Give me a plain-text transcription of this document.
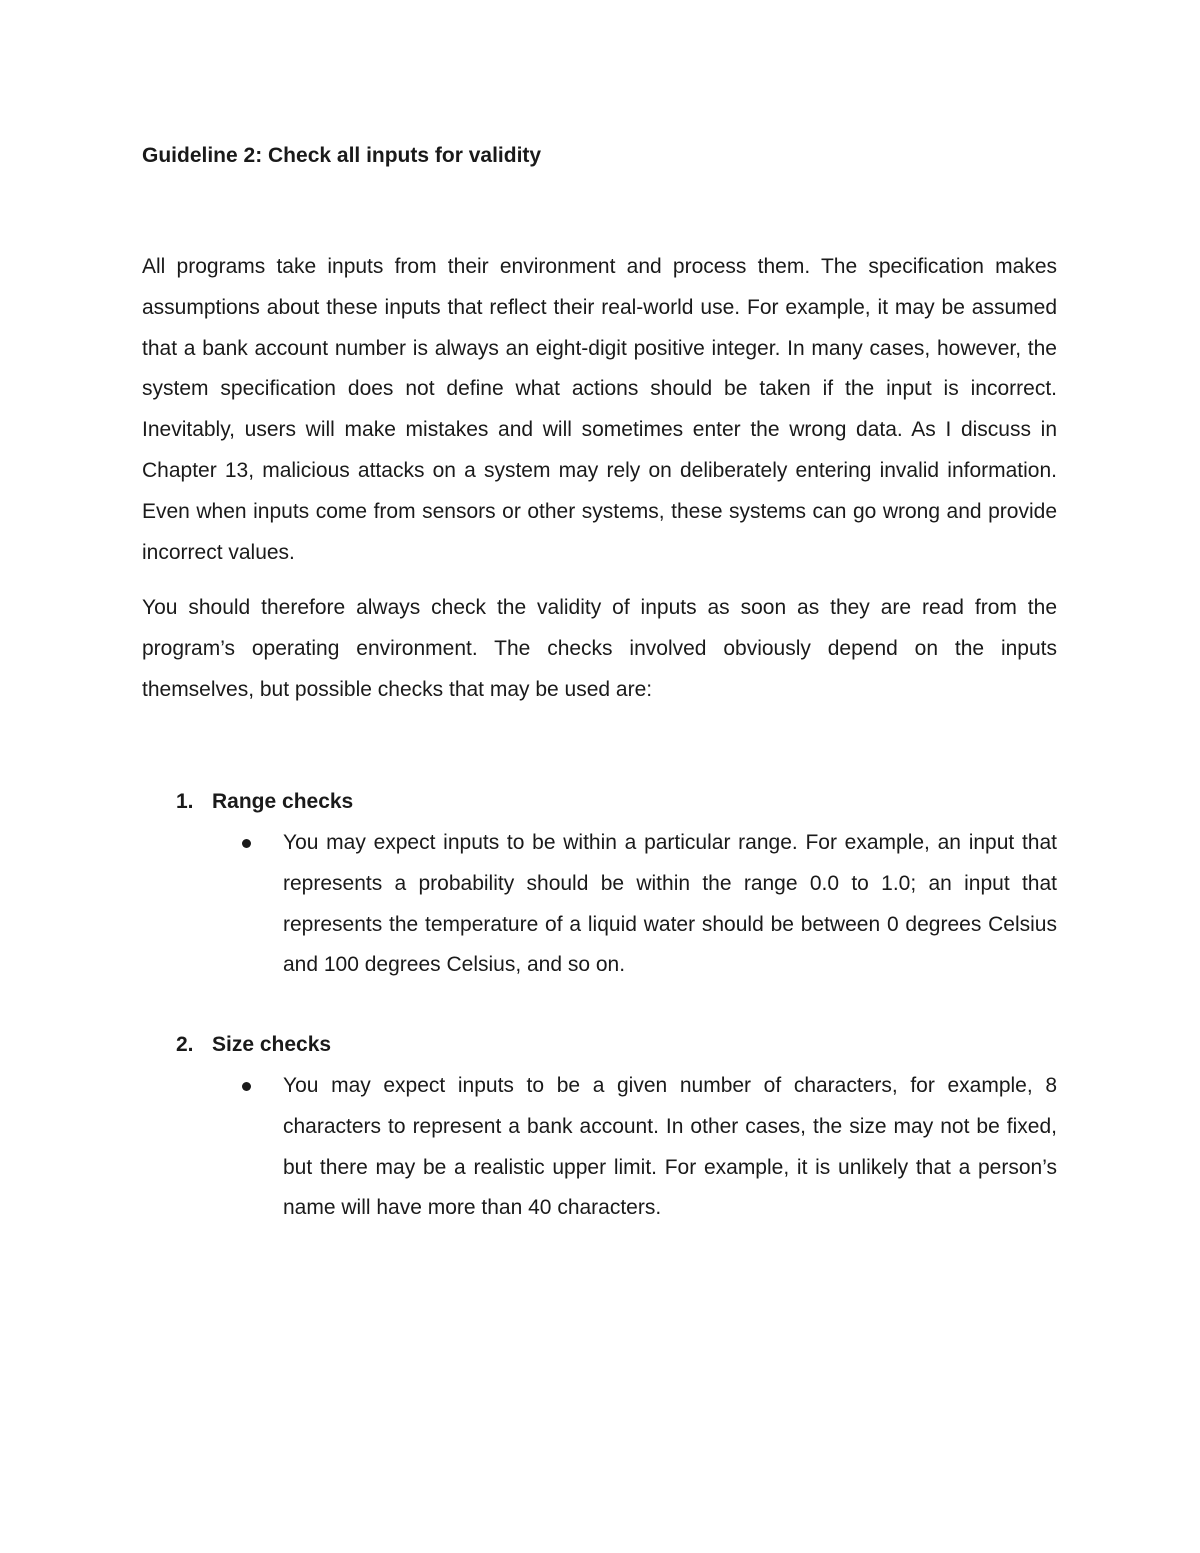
Guideline 2: Check all inputs for validity

All programs take inputs from their environment and process them. The specification makes assumptions about these inputs that reflect their real-world use. For example, it may be assumed that a bank account number is always an eight-digit positive integer. In many cases, however, the system specification does not define what actions should be taken if the input is incorrect. Inevitably, users will make mistakes and will sometimes enter the wrong data. As I discuss in Chapter 13, malicious attacks on a system may rely on deliberately entering invalid information. Even when inputs come from sensors or other systems, these systems can go wrong and provide incorrect values.

You should therefore always check the validity of inputs as soon as they are read from the program’s operating environment. The checks involved obviously depend on the inputs themselves, but possible checks that may be used are:

1. Range checks

You may expect inputs to be within a particular range. For example, an input that represents a probability should be within the range 0.0 to 1.0; an input that represents the temperature of a liquid water should be between 0 degrees Celsius and 100 degrees Celsius, and so on.

2. Size checks

You may expect inputs to be a given number of characters, for example, 8 characters to represent a bank account. In other cases, the size may not be fixed, but there may be a realistic upper limit. For example, it is unlikely that a person’s name will have more than 40 characters.
